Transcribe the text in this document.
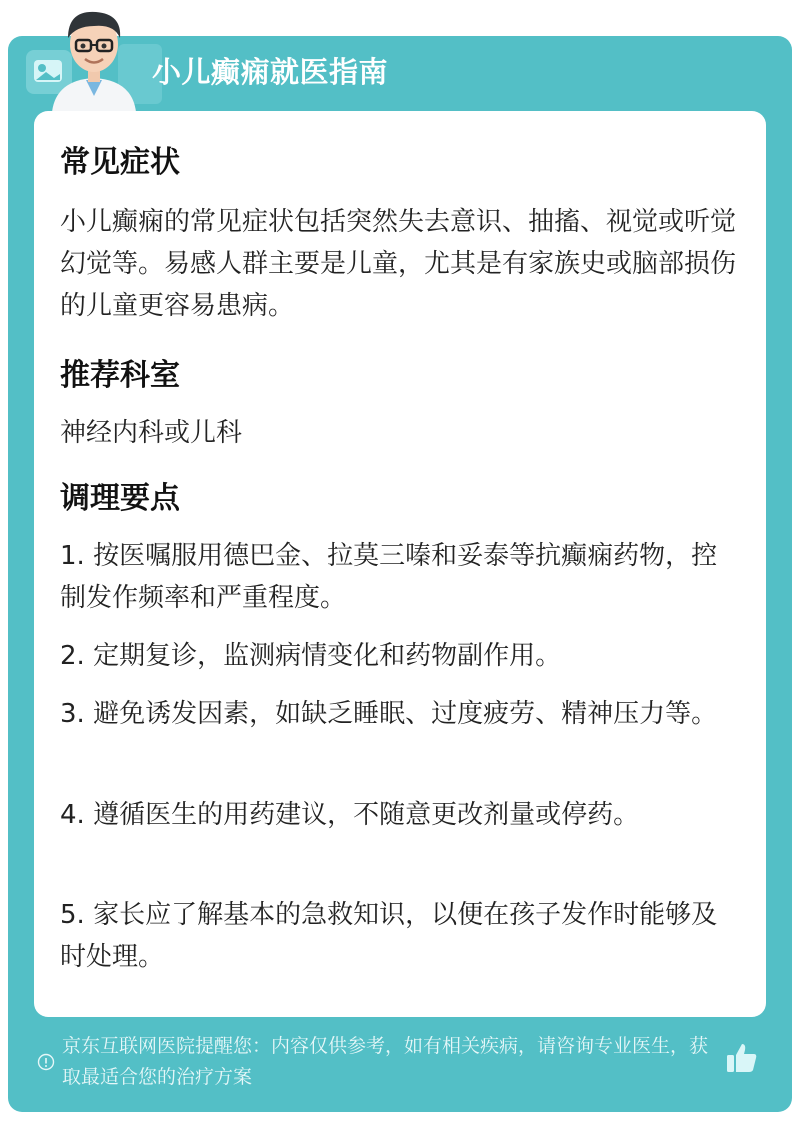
小儿癫痫就医指南
常见症状
小儿癫痫的常见症状包括突然失去意识、抽搐、视觉或听觉幻觉等。易感人群主要是儿童，尤其是有家族史或脑部损伤的儿童更容易患病。
推荐科室
神经内科或儿科
调理要点
1. 按医嘱服用德巴金、拉莫三嗪和妥泰等抗癫痫药物，控制发作频率和严重程度。
2. 定期复诊，监测病情变化和药物副作用。
3. 避免诱发因素，如缺乏睡眠、过度疲劳、精神压力等。
4. 遵循医生的用药建议，不随意更改剂量或停药。
5. 家长应了解基本的急救知识，以便在孩子发作时能够及时处理。
京东互联网医院提醒您：内容仅供参考，如有相关疾病，请咨询专业医生，获取最适合您的治疗方案
